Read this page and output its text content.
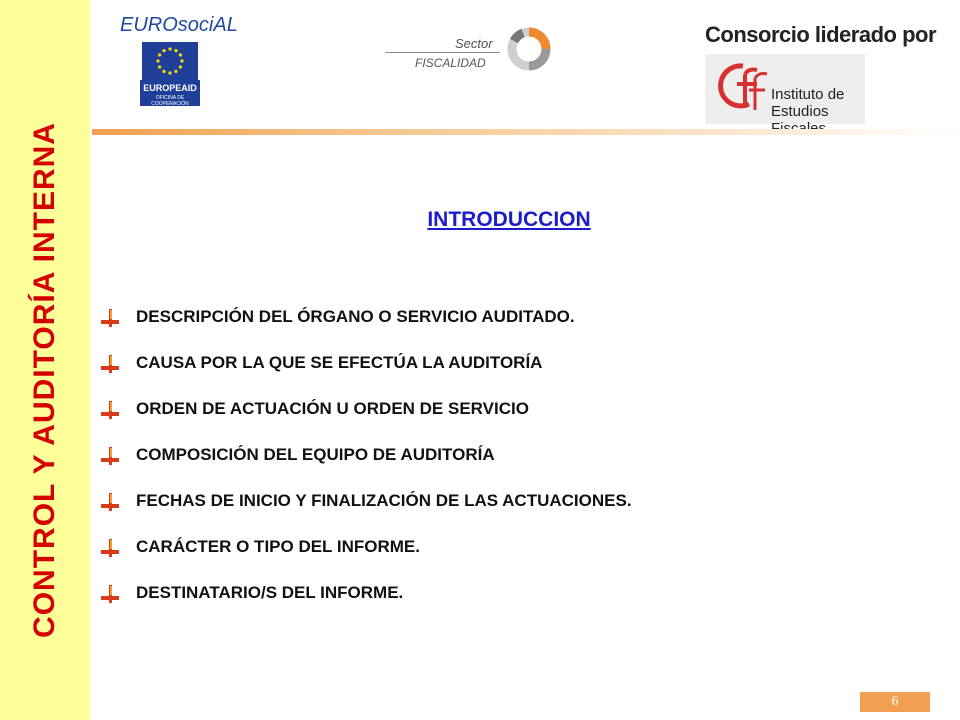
CONTROL Y AUDITORÍA INTERNA
EUROsociAL
EUROPEAID
OFICINA DE COOPERACIÓN
Sector
FISCALIDAD
Consorcio liderado por
Instituto de
Estudios
INTRODUCCION
DESCRIPCIÓN DEL ÓRGANO O SERVICIO AUDITADO.
CAUSA POR LA QUE SE EFECTÚA LA AUDITORÍA
ORDEN DE ACTUACIÓN U ORDEN DE SERVICIO
COMPOSICIÓN DEL EQUIPO DE AUDITORÍA
FECHAS DE INICIO Y FINALIZACIÓN DE LAS ACTUACIONES.
CARÁCTER O TIPO DEL INFORME.
DESTINATARIO/S DEL INFORME.
6
